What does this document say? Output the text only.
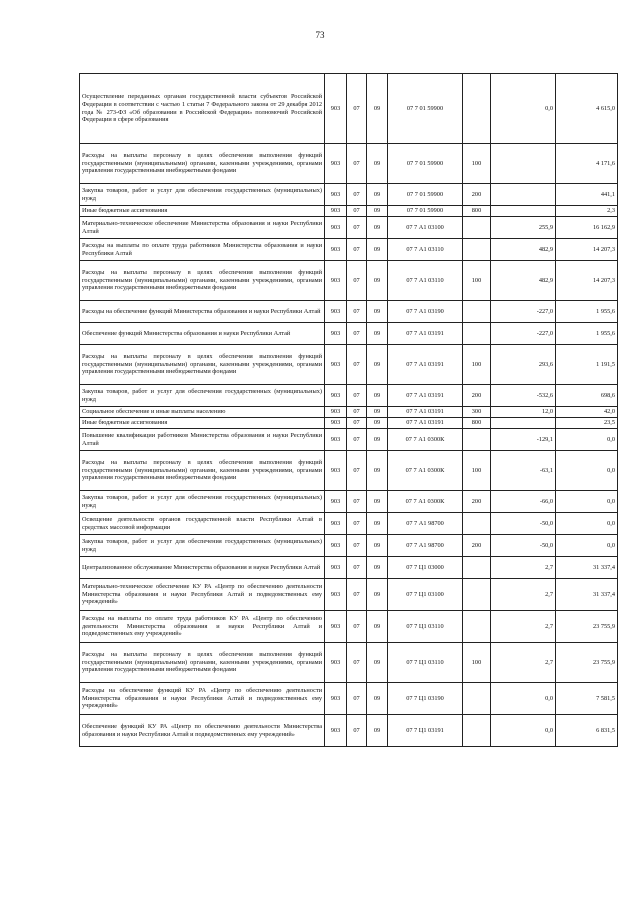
73
Осуществление переданных органам государственной власти субъектов Российской Федерации в соответствии с частью 1 статьи 7 Федерального закона от 29 декабря 2012 года № 273-ФЗ «Об образовании в Российской Федерации» полномочий Российской Федерации в сфере образования	903	07	09	07 7 01 59900		0,0	4 615,0
Расходы на выплаты персоналу в целях обеспечения выполнения функций государственными (муниципальными) органами, казенными учреждениями, органами управления государственными внебюджетными фондами	903	07	09	07 7 01 59900	100		4 171,6
Закупка товаров, работ и услуг для обеспечения государственных (муниципальных) нужд	903	07	09	07 7 01 59900	200		441,1
Иные бюджетные ассигнования	903	07	09	07 7 01 59900	800		2,3
Материально-техническое обеспечение Министерства образования и науки Республики Алтай	903	07	09	07 7 А1 03100		255,9	16 162,9
Расходы на выплаты по оплате труда работников Министерства образования и науки Республики Алтай	903	07	09	07 7 А1 03110		482,9	14 207,3
Расходы на выплаты персоналу в целях обеспечения выполнения функций государственными (муниципальными) органами, казенными учреждениями, органами управления государственными внебюджетными фондами	903	07	09	07 7 А1 03110	100	482,9	14 207,3
Расходы на обеспечение функций Министерства образования и науки Республики Алтай	903	07	09	07 7 А1 03190		-227,0	1 955,6
Обеспечение функций Министерства образования и науки Республики Алтай	903	07	09	07 7 А1 03191		-227,0	1 955,6
Расходы на выплаты персоналу в целях обеспечения выполнения функций государственными (муниципальными) органами, казенными учреждениями, органами управления государственными внебюджетными фондами	903	07	09	07 7 А1 03191	100	293,6	1 191,5
Закупка товаров, работ и услуг для обеспечения государственных (муниципальных) нужд	903	07	09	07 7 А1 03191	200	-532,6	698,6
Социальное обеспечение и иные выплаты населению	903	07	09	07 7 А1 03191	300	12,0	42,0
Иные бюджетные ассигнования	903	07	09	07 7 А1 03191	800		23,5
Повышение квалификации работников Министерства образования и науки Республики Алтай	903	07	09	07 7 А1 0300К		-129,1	0,0
Расходы на выплаты персоналу в целях обеспечения выполнения функций государственными (муниципальными) органами, казенными учреждениями, органами управления государственными внебюджетными фондами	903	07	09	07 7 А1 0300К	100	-63,1	0,0
Закупка товаров, работ и услуг для обеспечения государственных (муниципальных) нужд	903	07	09	07 7 А1 0300К	200	-66,0	0,0
Освещение деятельности органов государственной власти Республики Алтай в средствах массовой информации	903	07	09	07 7 А1 98700		-50,0	0,0
Закупка товаров, работ и услуг для обеспечения государственных (муниципальных) нужд	903	07	09	07 7 А1 98700	200	-50,0	0,0
Централизованное обслуживание Министерства образования и науки Республики Алтай	903	07	09	07 7 Ц1 03000		2,7	31 337,4
Материально-техническое обеспечение КУ РА «Центр по обеспечению деятельности Министерства образования и науки Республики Алтай и подведомственных ему учреждений»	903	07	09	07 7 Ц1 03100		2,7	31 337,4
Расходы на выплаты по оплате труда работников КУ РА «Центр по обеспечению деятельности Министерства образования и науки Республики Алтай и подведомственных ему учреждений»	903	07	09	07 7 Ц1 03110		2,7	23 755,9
Расходы на выплаты персоналу в целях обеспечения выполнения функций государственными (муниципальными) органами, казенными учреждениями, органами управления государственными внебюджетными фондами	903	07	09	07 7 Ц1 03110	100	2,7	23 755,9
Расходы на обеспечение функций КУ РА «Центр по обеспечению деятельности Министерства образования и науки Республики Алтай и подведомственных ему учреждений»	903	07	09	07 7 Ц1 03190		0,0	7 581,5
Обеспечение функций КУ РА «Центр по обеспечению деятельности Министерства образования и науки Республики Алтай и подведомственных ему учреждений»	903	07	09	07 7 Ц1 03191		0,0	6 831,5
